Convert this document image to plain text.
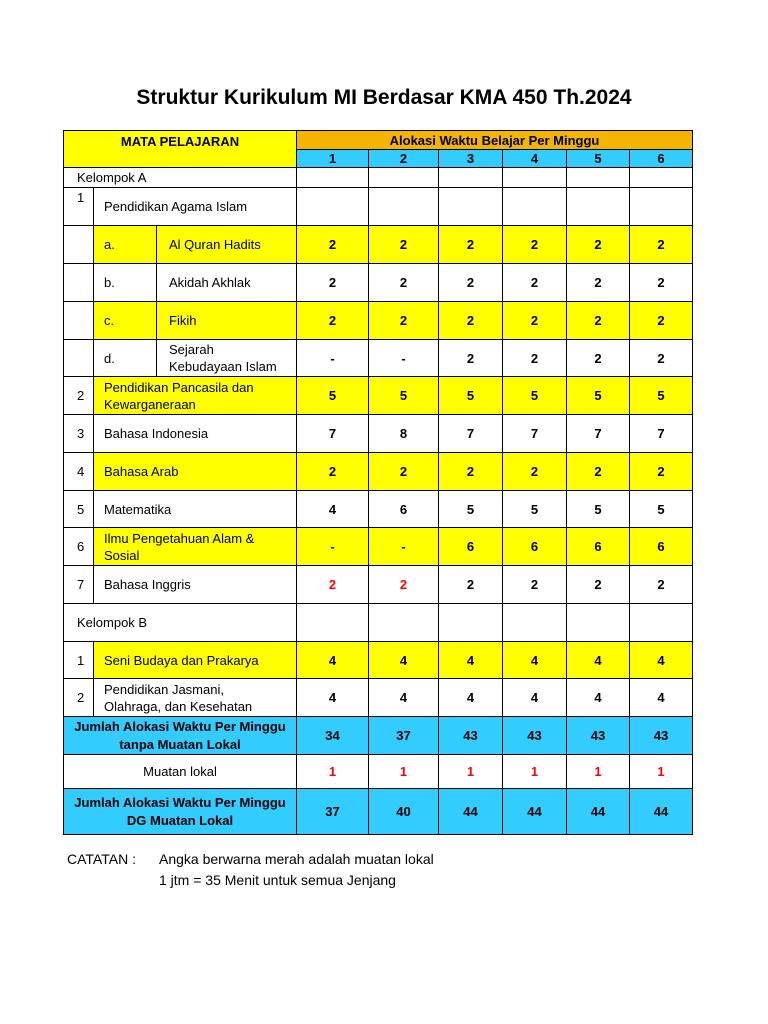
Struktur Kurikulum MI Berdasar KMA 450 Th.2024
MATA PELAJARAN			Alokasi Waktu Belajar Per Minggu					
			1	2	3	4	5	6
Kelompok A								
1	Pendidikan Agama Islam							
	a.	Al Quran Hadits	2	2	2	2	2	2
	b.	Akidah Akhlak	2	2	2	2	2	2
	c.	Fikih	2	2	2	2	2	2
	d.	Sejarah
Kebudayaan Islam	-	-	2	2	2	2
2	Pendidikan Pancasila dan
Kewarganeraan		5	5	5	5	5	5
3	Bahasa Indonesia		7	8	7	7	7	7
4	Bahasa Arab		2	2	2	2	2	2
5	Matematika		4	6	5	5	5	5
6	Ilmu Pengetahuan Alam &
Sosial		-	-	6	6	6	6
7	Bahasa Inggris		2	2	2	2	2	2
Kelompok B								
1	Seni Budaya dan Prakarya		4	4	4	4	4	4
2	Pendidikan Jasmani,
Olahraga, dan Kesehatan		4	4	4	4	4	4

Jumlah Alokasi Waktu Per Minggu
tanpa Muatan Lokal			34	37	43	43	43	43
Muatan lokal			1	1	1	1	1	1

Jumlah Alokasi Waktu Per Minggu
DG Muatan Lokal			37	40	44	44	44	44
CATATAN : Angka berwarna merah adalah muatan lokal
1 jtm = 35 Menit untuk semua Jenjang
